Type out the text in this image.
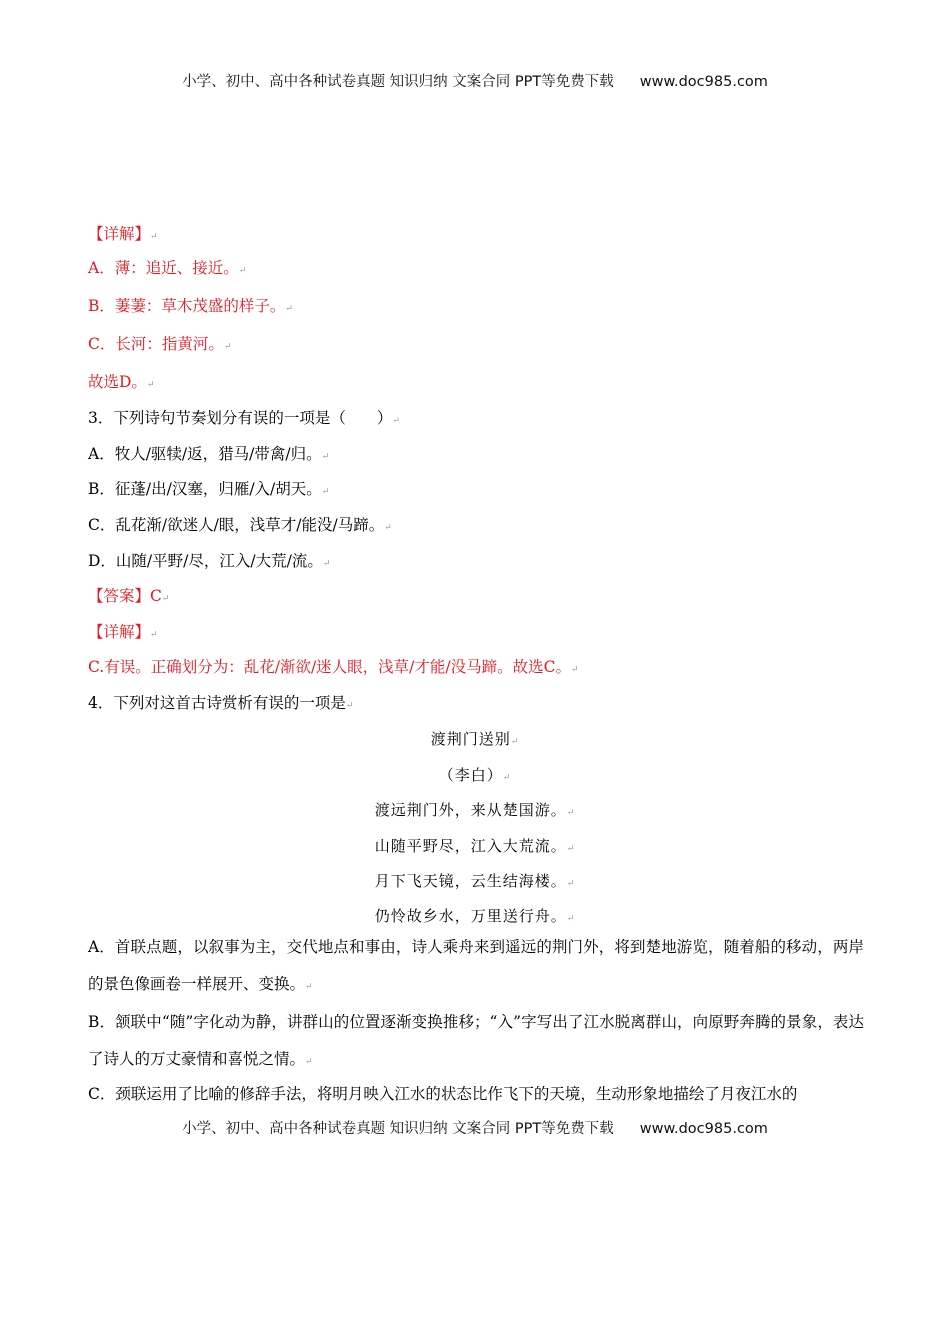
小学、初中、高中各种试卷真题 知识归纳 文案合同 PPT等免费下载 www.doc985.com
【详解】↵
A．薄：追近、接近。↵
B．萋萋：草木茂盛的样子。↵
C．长河：指黄河。↵
故选D。↵
3．下列诗句节奏划分有误的一项是（　　）↵
A．牧人/驱犊/返，猎马/带禽/归。↵
B．征蓬/出/汉塞，归雁/入/胡天。↵
C．乱花渐/欲迷人/眼，浅草才/能没/马蹄。↵
D．山随/平野/尽，江入/大荒/流。↵
【答案】C↵
【详解】↵
C.有误。正确划分为：乱花/渐欲/迷人眼，浅草/才能/没马蹄。故选C。↵
4．下列对这首古诗赏析有误的一项是↵
渡荆门送别↵
（李白）↵
渡远荆门外，来从楚国游。↵
山随平野尽，江入大荒流。↵
月下飞天镜，云生结海楼。↵
仍怜故乡水，万里送行舟。↵
A．首联点题，以叙事为主，交代地点和事由，诗人乘舟来到遥远的荆门外，将到楚地游览，随着船的移动，两岸的景色像画卷一样展开、变换。↵
B．颔联中“随”字化动为静，讲群山的位置逐渐变换推移；“入”字写出了江水脱离群山，向原野奔腾的景象，表达了诗人的万丈豪情和喜悦之情。↵
C．颈联运用了比喻的修辞手法，将明月映入江水的状态比作飞下的天境，生动形象地描绘了月夜江水的
小学、初中、高中各种试卷真题 知识归纳 文案合同 PPT等免费下载 www.doc985.com
